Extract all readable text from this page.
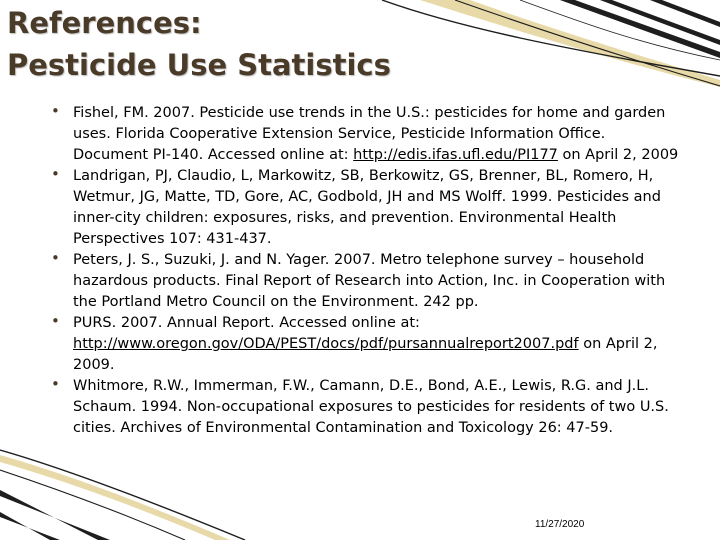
References:
Pesticide Use Statistics
• Fishel, FM. 2007. Pesticide use trends in the U.S.: pesticides for home and garden uses. Florida Cooperative Extension Service, Pesticide Information Office. Document PI-140. Accessed online at: http://edis.ifas.ufl.edu/PI177 on April 2, 2009
• Landrigan, PJ, Claudio, L, Markowitz, SB, Berkowitz, GS, Brenner, BL, Romero, H, Wetmur, JG, Matte, TD, Gore, AC, Godbold, JH and MS Wolff. 1999. Pesticides and inner-city children: exposures, risks, and prevention. Environmental Health Perspectives 107: 431-437.
• Peters, J. S., Suzuki, J. and N. Yager. 2007. Metro telephone survey – household hazardous products. Final Report of Research into Action, Inc. in Cooperation with the Portland Metro Council on the Environment. 242 pp.
• PURS. 2007. Annual Report. Accessed online at: http://www.oregon.gov/ODA/PEST/docs/pdf/pursannualreport2007.pdf on April 2, 2009.
• Whitmore, R.W., Immerman, F.W., Camann, D.E., Bond, A.E., Lewis, R.G. and J.L. Schaum. 1994. Non-occupational exposures to pesticides for residents of two U.S. cities. Archives of Environmental Contamination and Toxicology 26: 47-59.
11/27/2020
